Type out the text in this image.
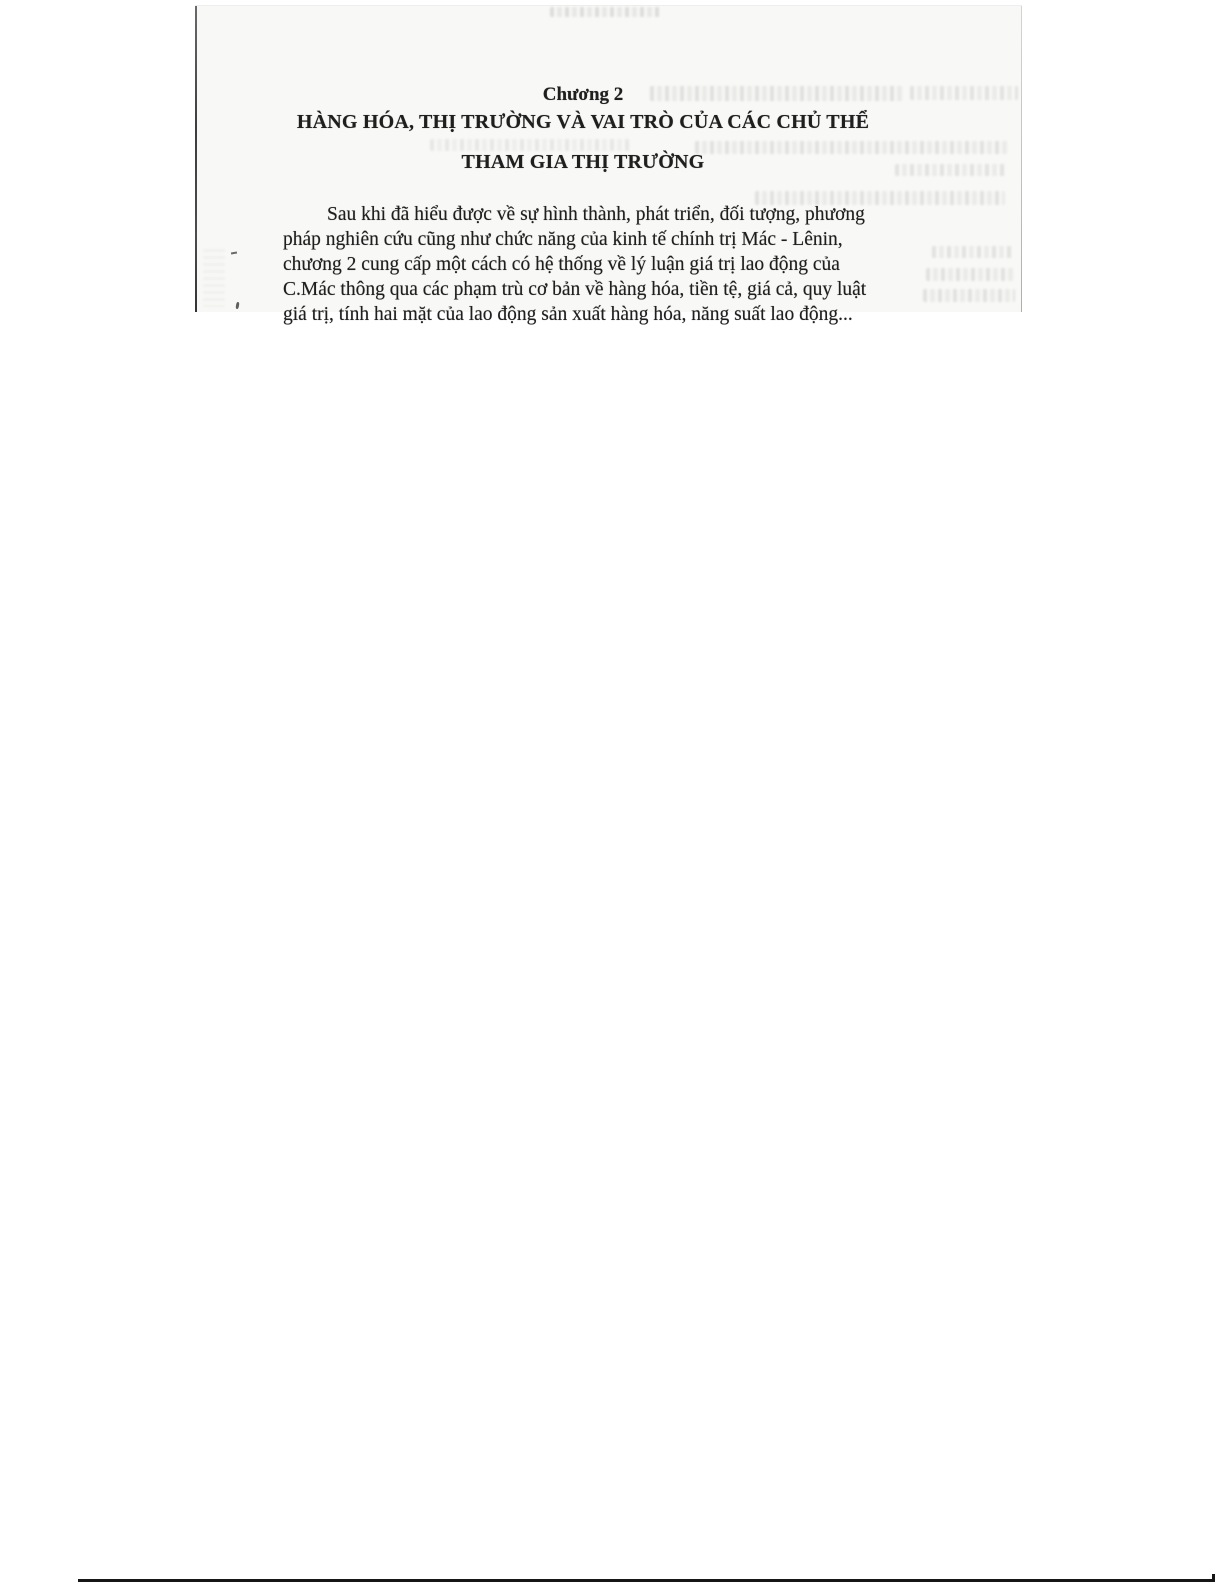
Chương 2
HÀNG HÓA, THỊ TRƯỜNG VÀ VAI TRÒ CỦA CÁC CHỦ THỂ
THAM GIA THỊ TRƯỜNG
Sau khi đã hiểu được về sự hình thành, phát triển, đối tượng, phương
pháp nghiên cứu cũng như chức năng của kinh tế chính trị Mác - Lênin,
chương 2 cung cấp một cách có hệ thống về lý luận giá trị lao động của
C.Mác thông qua các phạm trù cơ bản về hàng hóa, tiền tệ, giá cả, quy luật
giá trị, tính hai mặt của lao động sản xuất hàng hóa, năng suất lao động...
